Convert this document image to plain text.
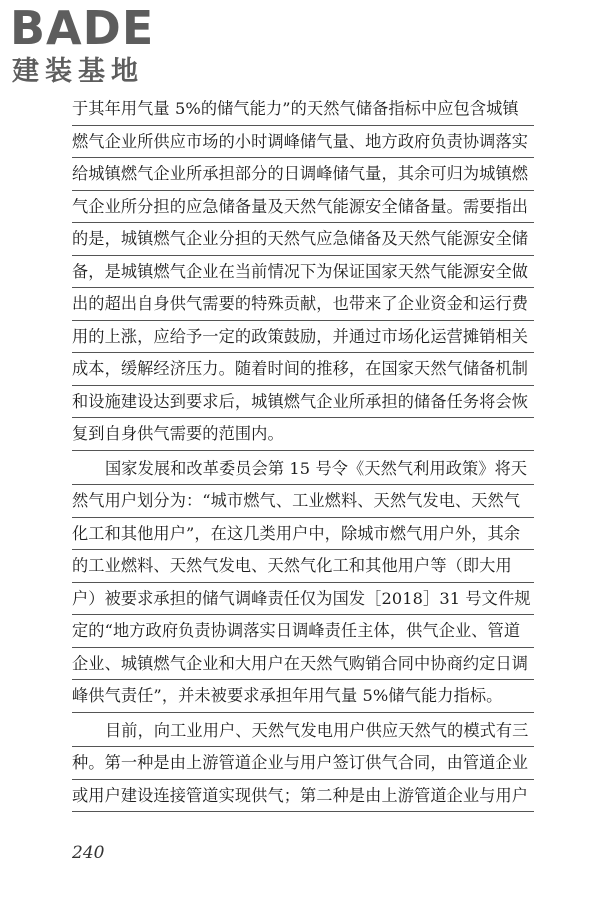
BADE
建装基地
于其年用气量 5%的储气能力”的天然气储备指标中应包含城镇
燃气企业所供应市场的小时调峰储气量、地方政府负责协调落实
给城镇燃气企业所承担部分的日调峰储气量，其余可归为城镇燃
气企业所分担的应急储备量及天然气能源安全储备量。需要指出
的是，城镇燃气企业分担的天然气应急储备及天然气能源安全储
备，是城镇燃气企业在当前情况下为保证国家天然气能源安全做
出的超出自身供气需要的特殊贡献，也带来了企业资金和运行费
用的上涨，应给予一定的政策鼓励，并通过市场化运营摊销相关
成本，缓解经济压力。随着时间的推移，在国家天然气储备机制
和设施建设达到要求后，城镇燃气企业所承担的储备任务将会恢
复到自身供气需要的范围内。
国家发展和改革委员会第 15 号令《天然气利用政策》将天
然气用户划分为：“城市燃气、工业燃料、天然气发电、天然气
化工和其他用户”，在这几类用户中，除城市燃气用户外，其余
的工业燃料、天然气发电、天然气化工和其他用户等（即大用
户）被要求承担的储气调峰责任仅为国发［2018］31 号文件规
定的“地方政府负责协调落实日调峰责任主体，供气企业、管道
企业、城镇燃气企业和大用户在天然气购销合同中协商约定日调
峰供气责任”，并未被要求承担年用气量 5%储气能力指标。
目前，向工业用户、天然气发电用户供应天然气的模式有三
种。第一种是由上游管道企业与用户签订供气合同，由管道企业
或用户建设连接管道实现供气；第二种是由上游管道企业与用户
240
